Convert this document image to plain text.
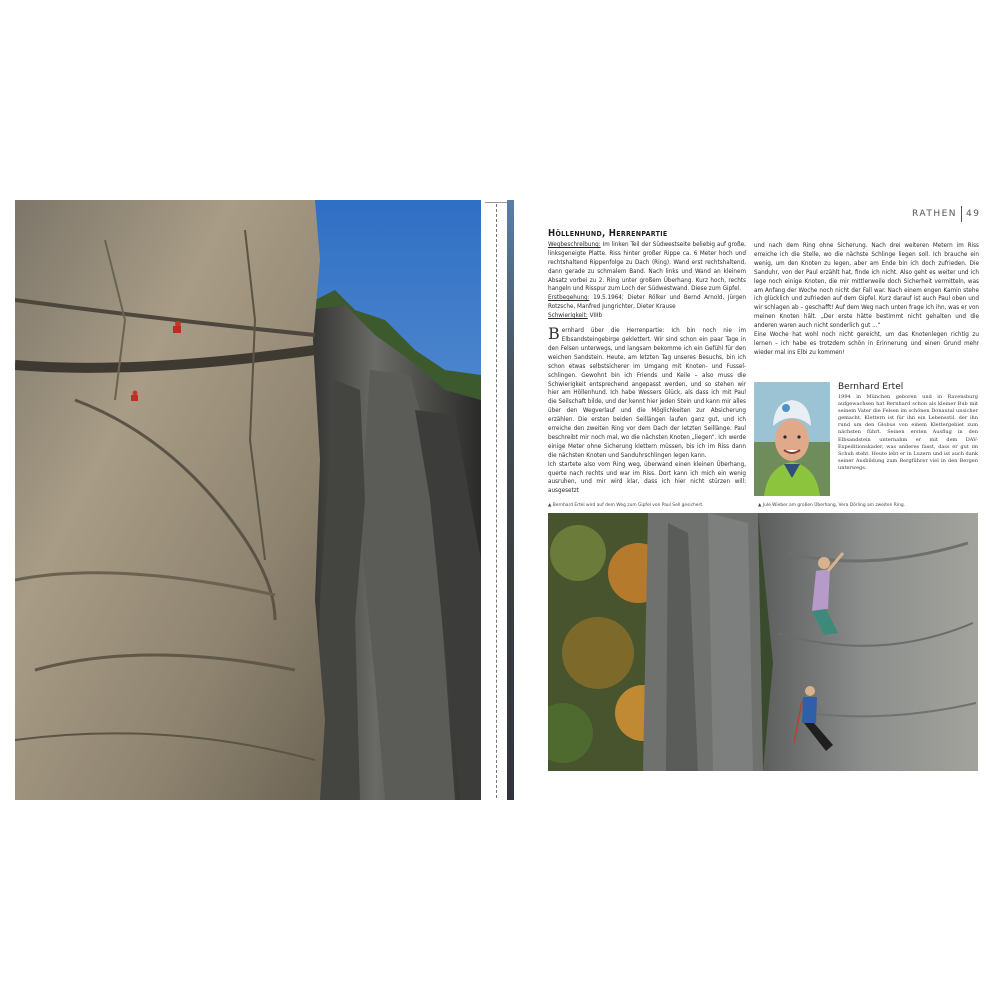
RATHEN 49
Höllenhund, Herrenpartie
Wegbeschreibung: Im linken Teil der Südwestseite beliebig auf große, linksgeneigte Platte. Riss hinter großer Rippe ca. 6 Meter hoch und rechtshaltend Rippenfolge zu Dach (Ring). Wand erst rechtshaltend, dann gerade zu schmalem Band. Nach links und Wand an kleinem Absatz vorbei zu 2. Ring unter großem Überhang. Kurz hoch, rechts hangeln und Risspur zum Loch der Südwestwand. Diese zum Gipfel.
Erstbegehung: 19.5.1964; Dieter Rölker und Bernd Arnold, Jürgen Rotzsche, Manfred Jungrichter, Dieter Krause
Schwierigkeit: VIIIb
Bernhard über die Herrenpartie: Ich bin noch nie im Elbsandsteingebirge geklettert. Wir sind schon ein paar Tage in den Felsen unterwegs, und langsam bekomme ich ein Gefühl für den weichen Sandstein. Heute, am letzten Tag unseres Besuchs, bin ich schon etwas selbstsicherer im Umgang mit Knoten- und Fusselschlingen. Gewohnt bin ich Friends und Keile – also muss die Schwierigkeit entsprechend angepasst werden, und so stehen wir hier am Höllenhund. Ich habe Wessers Glück, als dass ich mit Paul die Seilschaft bilde, und der kennt hier jeden Stein und kann mir alles über den Wegverlauf und die Möglichkeiten zur Absicherung erzählen. Die ersten beiden Seillängen laufen ganz gut, und ich erreiche den zweiten Ring vor dem Dach der letzten Seillänge. Paul beschreibt mir noch mal, wo die nächsten Knoten „liegen“. Ich werde einige Meter ohne Sicherung klettern müssen, bis ich im Riss dann die nächsten Knoten und Sanduhrschlingen legen kann.
Ich startete also vom Ring weg, überwand einen kleinen Überhang, querte nach rechts und war im Riss. Dort kann ich mich ein wenig ausruhen, und mir wird klar, dass ich hier nicht stürzen will: ausgesetzt
und nach dem Ring ohne Sicherung. Nach drei weiteren Metern im Riss erreiche ich die Stelle, wo die nächste Schlinge liegen soll. Ich brauche ein wenig, um den Knoten zu legen, aber am Ende bin ich doch zufrieden. Die Sanduhr, von der Paul erzählt hat, finde ich nicht. Also geht es weiter und ich lege noch einige Knoten, die mir mittlerweile doch Sicherheit vermitteln, was am Anfang der Woche noch nicht der Fall war. Nach einem engen Kamin stehe ich glücklich und zufrieden auf dem Gipfel. Kurz darauf ist auch Paul oben und wir schlagen ab – geschafft! Auf dem Weg nach unten frage ich ihn, was er von meinen Knoten hält. „Der erste hätte bestimmt nicht gehalten und die anderen waren auch nicht sonderlich gut ...“
Eine Woche hat wohl noch nicht gereicht, um das Knotenlegen richtig zu lernen – ich habe es trotzdem schön in Erinnerung und einen Grund mehr wieder mal ins Elbi zu kommen!
Bernhard Ertel
1994 in München geboren und in Ravensburg aufgewachsen hat Bernhard schon als kleiner Bub mit seinem Vater die Felsen im schönen Donautal unsicher gemacht. Klettern ist für ihn ein Lebensstil, der ihn rund um den Globus von einem Klettergebiet zum nächsten führt. Seinen ersten Ausflug in den Elbsandstein unternahm er mit dem DAV-Expeditionskader, was anderes fasst, dass er gut im Schuh steht. Heute lebt er in Luzern und ist auch dank seiner Ausbildung zum Bergführer viel in den Bergen unterwegs.
▲ Bernhard Ertel wird auf dem Weg zum Gipfel von Paul Sell gesichert.	▲ Jule Wieber am großen Überhang, Vera Dörling am zweiten Ring.
